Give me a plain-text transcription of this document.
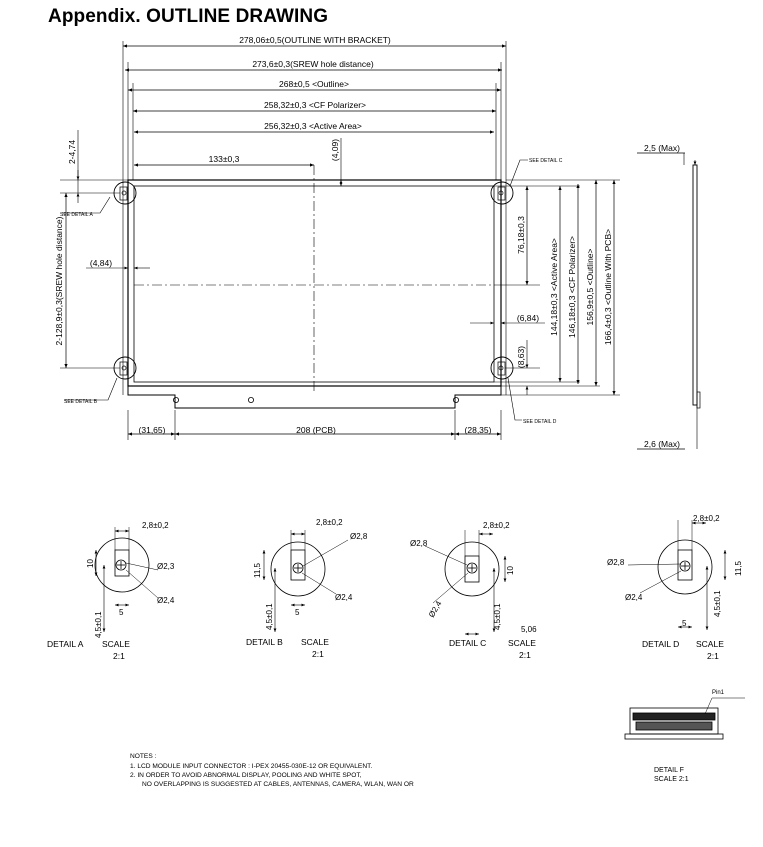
Appendix. OUTLINE DRAWING
278,06±0,5(OUTLINE WITH BRACKET)
273,6±0,3(SREW hole distance)
268±0,5 <Outline>
258,32±0,3 <CF Polarizer>
256,32±0,3 <Active Area>
133±0,3	(4,09)
2-4,74
(4,84)
2-128,9±0,3(SREW hole distance)	76,18±0,3
(6,84)
(8,63)
144,18±0,3 <Active Area> 146,18±0,3 <CF Polarizer> 156,9±0,5 <Outline> 166,4±0,3 <Outline With PCB>
2,5 (Max)
2,6 (Max)
(31,65)	208 (PCB)	(28,35)
SEE DETAIL A
SEE DETAIL B
SEE DETAIL C
SEE DETAIL D
2,8±0,2
10	Ø2,3
Ø2,4
4,5±0,1 5
2,8±0,2
11,5
Ø2,8
Ø2,4
4,5±0,1	5
2,8±0,2
10
Ø2,8
Ø2,4	4,5±0,1 5,06
2,8±0,2
11,5
Ø2,8
Ø2,4	4,5±0,1
5
DETAIL A SCALE
2:1
DETAIL B SCALE
2:1
DETAIL C	SCALE
2:1
DETAIL D SCALE
2:1
DETAIL F
SCALE 2:1
Pin1
NOTES :
1. LCD MODULE INPUT CONNECTOR : I-PEX 20455-030E-12 OR EQUIVALENT.
2. IN ORDER TO AVOID ABNORMAL DISPLAY, POOLING AND WHITE SPOT,
NO OVERLAPPING IS SUGGESTED AT CABLES, ANTENNAS, CAMERA, WLAN, WAN OR
